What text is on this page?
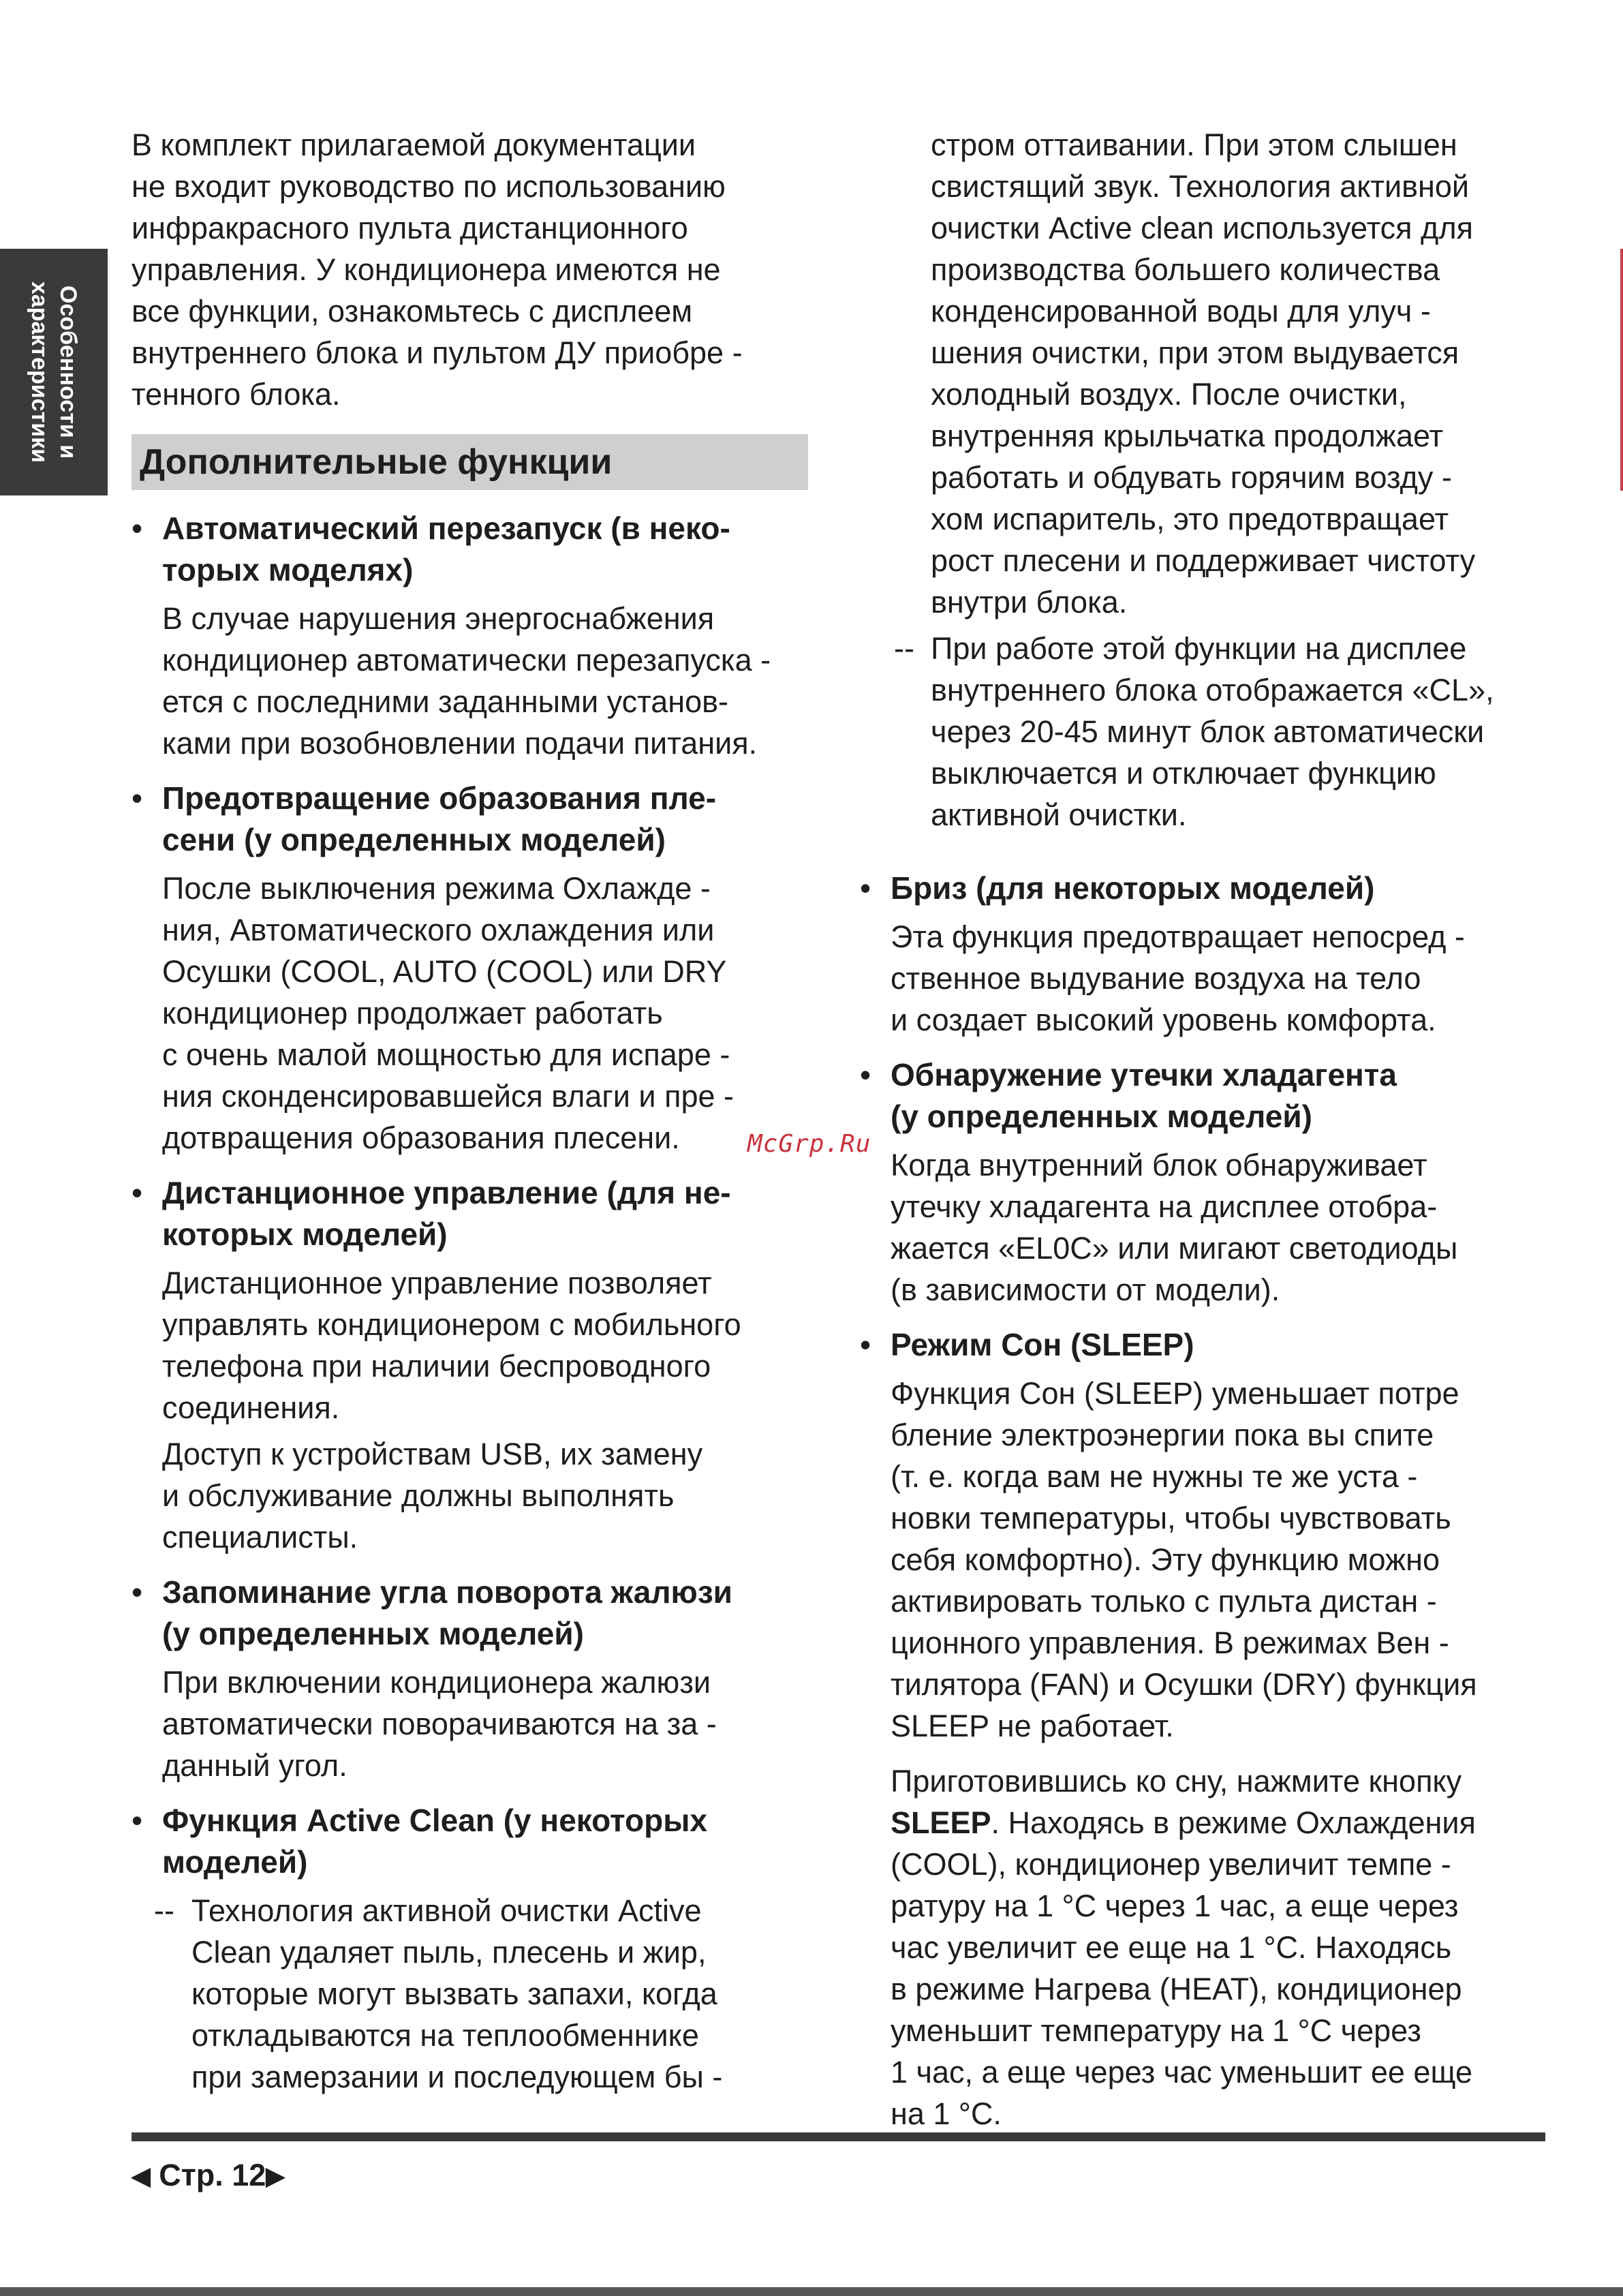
Особенности и
характеристики

В комплект прилагаемой документации
не входит руководство по использованию
инфракрасного пульта дистанционного
управления. У кондиционера имеются не
все функции, ознакомьтесь с дисплеем
внутреннего блока и пультом ДУ приобре -
тенного блока.

Дополнительные функции
• Автоматический перезапуск (в неко-
торых моделях)

В случае нарушения энергоснабжения
кондиционер автоматически перезапуска -
ется с последними заданными установ-
ками при возобновлении подачи питания.

• Предотвращение образования пле-
сени (у определенных моделей)

После выключения режима Охлажде -
ния, Автоматического охлаждения или
Осушки (COOL, AUTO (COOL) или DRY
кондиционер продолжает работать
с очень малой мощностью для испаре -
ния сконденсировавшейся влаги и пре -
дотвращения образования плесени.

• Дистанционное управление (для не-
которых моделей)

Дистанционное управление позволяет
управлять кондиционером с мобильного
телефона при наличии беспроводного
соединения.

Доступ к устройствам USB, их замену
и обслуживание должны выполнять
специалисты.

• Запоминание угла поворота жалюзи
(у определенных моделей)

При включении кондиционера жалюзи
автоматически поворачиваются на за -
данный угол.

• Функция Active Clean (у некоторых
моделей)
-- Технология активной очистки Active
Clean удаляет пыль, плесень и жир,
которые могут вызвать запахи, когда
откладываются на теплообменнике
при замерзании и последующем бы -
стром оттаивании. При этом слышен
свистящий звук. Технология активной
очистки Active clean используется для
производства большего количества
конденсированной воды для улуч -
шения очистки, при этом выдувается
холодный воздух. После очистки,
внутренняя крыльчатка продолжает
работать и обдувать горячим возду -
хом испаритель, это предотвращает
рост плесени и поддерживает чистоту
внутри блока.
-- При работе этой функции на дисплее
внутреннего блока отображается «CL»,
через 20-45 минут блок автоматически
выключается и отключает функцию
активной очистки.
• Бриз (для некоторых моделей)

Эта функция предотвращает непосред -
ственное выдувание воздуха на тело
и создает высокий уровень комфорта.

• Обнаружение утечки хладагента
(у определенных моделей)

Когда внутренний блок обнаруживает
утечку хладагента на дисплее отобра-
жается «EL0C» или мигают светодиоды
(в зависимости от модели).

• Режим Сон (SLEEP)

Функция Сон (SLEEP) уменьшает потре
бление электроэнергии пока вы спите
(т. е. когда вам не нужны те же уста -
новки температуры, чтобы чувствовать
себя комфортно). Эту функцию можно
активировать только с пульта дистан -
ционного управления. В режимах Вен -
тилятора (FAN) и Осушки (DRY) функция
SLEEP не работает.

Приготовившись ко сну, нажмите кнопку
SLEEP. Находясь в режиме Охлаждения
(COOL), кондиционер увеличит темпе -
ратуру на 1 °С через 1 час, а еще через
час увеличит ее еще на 1 °С. Находясь
в режиме Нагрева (HEAT), кондиционер
уменьшит температуру на 1 °С через
1 час, а еще через час уменьшит ее еще
на 1 °С.

McGrp.Ru
◀ Стр. 12▶
